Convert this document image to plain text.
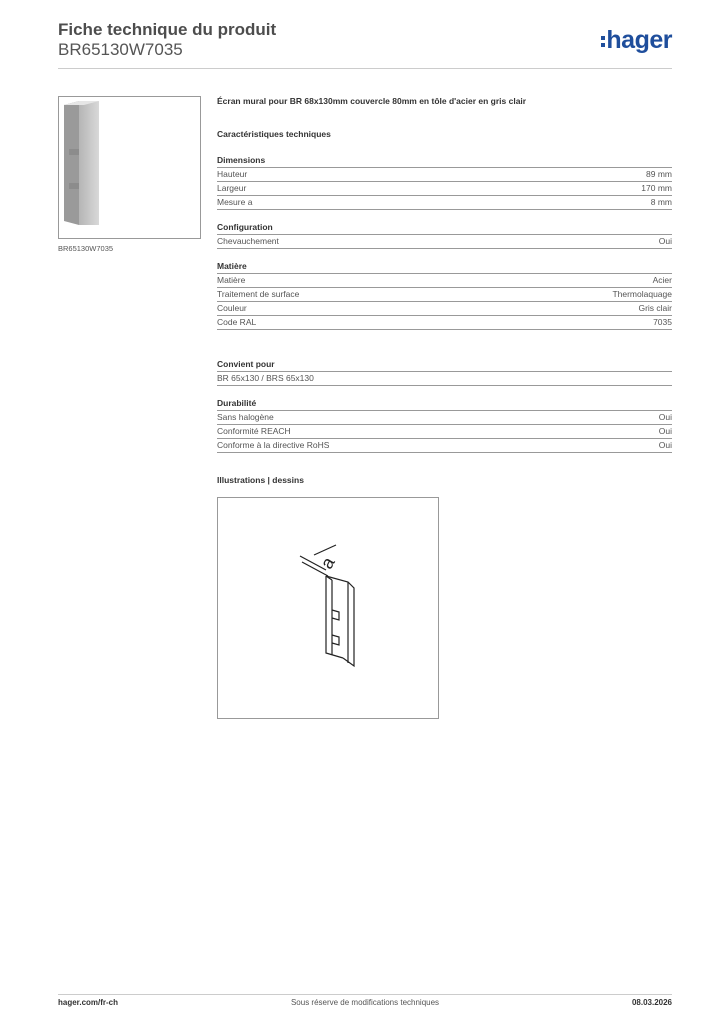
Fiche technique du produit
BR65130W7035	hager
BR65130W7035
Écran mural pour BR 68x130mm couvercle 80mm en tôle d'acier en gris clair
Caractéristiques techniques
Dimensions
Hauteur	89 mm
Largeur	170 mm
Mesure a	8 mm
Configuration
Chevauchement	Oui
Matière
Matière	Acier
Traitement de surface	Thermolaquage
Couleur	Gris clair
Code RAL	7035
Convient pour
BR 65x130 / BRS 65x130
Durabilité
Sans halogène	Oui
Conformité REACH	Oui
Conforme à la directive RoHS	Oui
Illustrations | dessins
a
hager.com/fr-ch	Sous réserve de modifications techniques	08.03.2026
